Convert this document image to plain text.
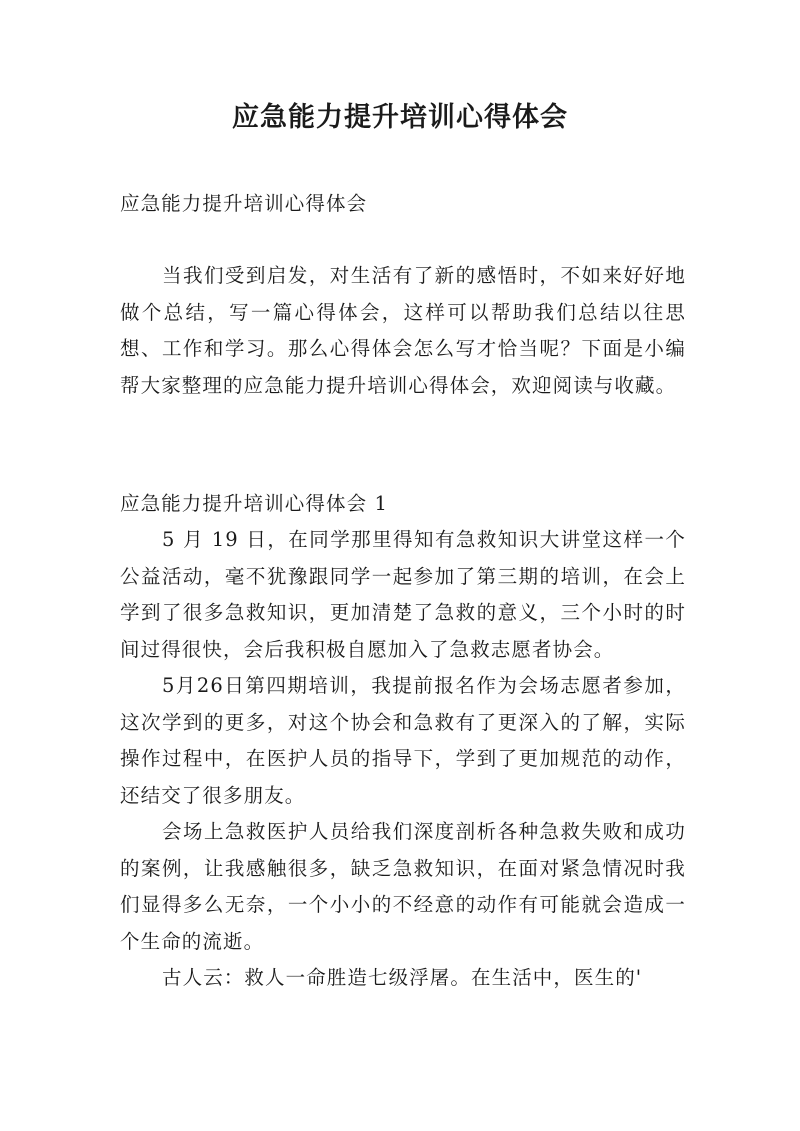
应急能力提升培训心得体会
应急能力提升培训心得体会
当我们受到启发，对生活有了新的感悟时，不如来好好地做个总结，写一篇心得体会，这样可以帮助我们总结以往思想、工作和学习。那么心得体会怎么写才恰当呢？下面是小编帮大家整理的应急能力提升培训心得体会，欢迎阅读与收藏。
应急能力提升培训心得体会 1

5 月 19 日，在同学那里得知有急救知识大讲堂这样一个公益活动，毫不犹豫跟同学一起参加了第三期的培训，在会上学到了很多急救知识，更加清楚了急救的意义，三个小时的时间过得很快，会后我积极自愿加入了急救志愿者协会。

5月26日第四期培训，我提前报名作为会场志愿者参加，这次学到的更多，对这个协会和急救有了更深入的了解，实际操作过程中，在医护人员的指导下，学到了更加规范的动作，还结交了很多朋友。

会场上急救医护人员给我们深度剖析各种急救失败和成功的案例，让我感触很多，缺乏急救知识，在面对紧急情况时我们显得多么无奈，一个小小的不经意的动作有可能就会造成一个生命的流逝。

古人云：救人一命胜造七级浮屠。在生活中，医生的'
